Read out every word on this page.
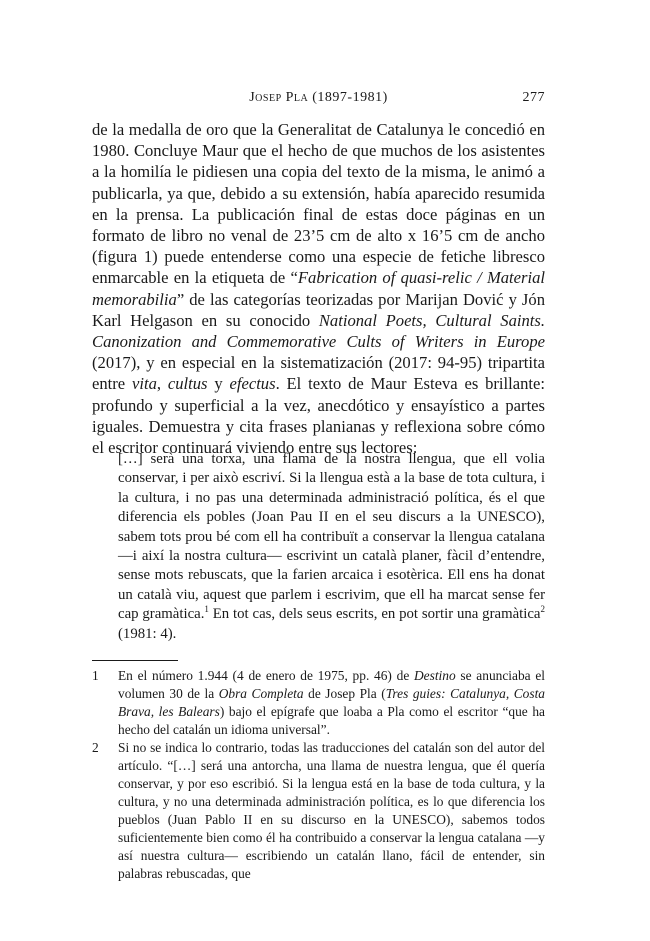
Josep Pla (1897-1981)	277

de la medalla de oro que la Generalitat de Catalunya le concedió en 1980. Concluye Maur que el hecho de que muchos de los asistentes a la homilía le pidiesen una copia del texto de la misma, le animó a publicarla, ya que, debido a su extensión, había aparecido resumida en la prensa. La publicación final de estas doce páginas en un formato de libro no venal de 23’5 cm de alto x 16’5 cm de ancho (figura 1) puede entenderse como una especie de fetiche libresco enmarcable en la etiqueta de “Fabrication of quasi-relic / Material memorabilia” de las categorías teorizadas por Marijan Dović y Jón Karl Helgason en su conocido National Poets, Cultural Saints. Canonization and Commemorative Cults of Writers in Europe (2017), y en especial en la sistematización (2017: 94-95) tripartita entre vita, cultus y efectus. El texto de Maur Esteva es brillante: profundo y superficial a la vez, anecdótico y ensayístico a partes iguales. Demuestra y cita frases planianas y reflexiona sobre cómo el escritor continuará viviendo entre sus lectores:

[…] serà una torxa, una flama de la nostra llengua, que ell volia conservar, i per això escriví. Si la llengua està a la base de tota cultura, i la cultura, i no pas una determinada administració política, és el que diferencia els pobles (Joan Pau II en el seu discurs a la UNESCO), sabem tots prou bé com ell ha contribuït a conservar la llengua catalana —i així la nostra cultura— escrivint un català planer, fàcil d’entendre, sense mots rebuscats, que la farien arcaica i esotèrica. Ell ens ha donat un català viu, aquest que parlem i escrivim, que ell ha marcat sense fer cap gramàtica.$^1$ En tot cas, dels seus escrits, en pot sortir una gramàtica$^2$ (1981: 4).

1 En el número 1.944 (4 de enero de 1975, pp. 46) de Destino se anunciaba el volumen 30 de la Obra Completa de Josep Pla (Tres guies: Catalunya, Costa Brava, les Balears) bajo el epígrafe que loaba a Pla como el escritor “que ha hecho del catalán un idioma universal”.

2 Si no se indica lo contrario, todas las traducciones del catalán son del autor del artículo. “[…] será una antorcha, una llama de nuestra lengua, que él quería conservar, y por eso escribió. Si la lengua está en la base de toda cultura, y la cultura, y no una determinada administración política, es lo que diferencia los pueblos (Juan Pablo II en su discurso en la UNESCO), sabemos todos suficientemente bien como él ha contribuido a conservar la lengua catalana —y así nuestra cultura— escribiendo un catalán llano, fácil de entender, sin palabras rebuscadas, que
